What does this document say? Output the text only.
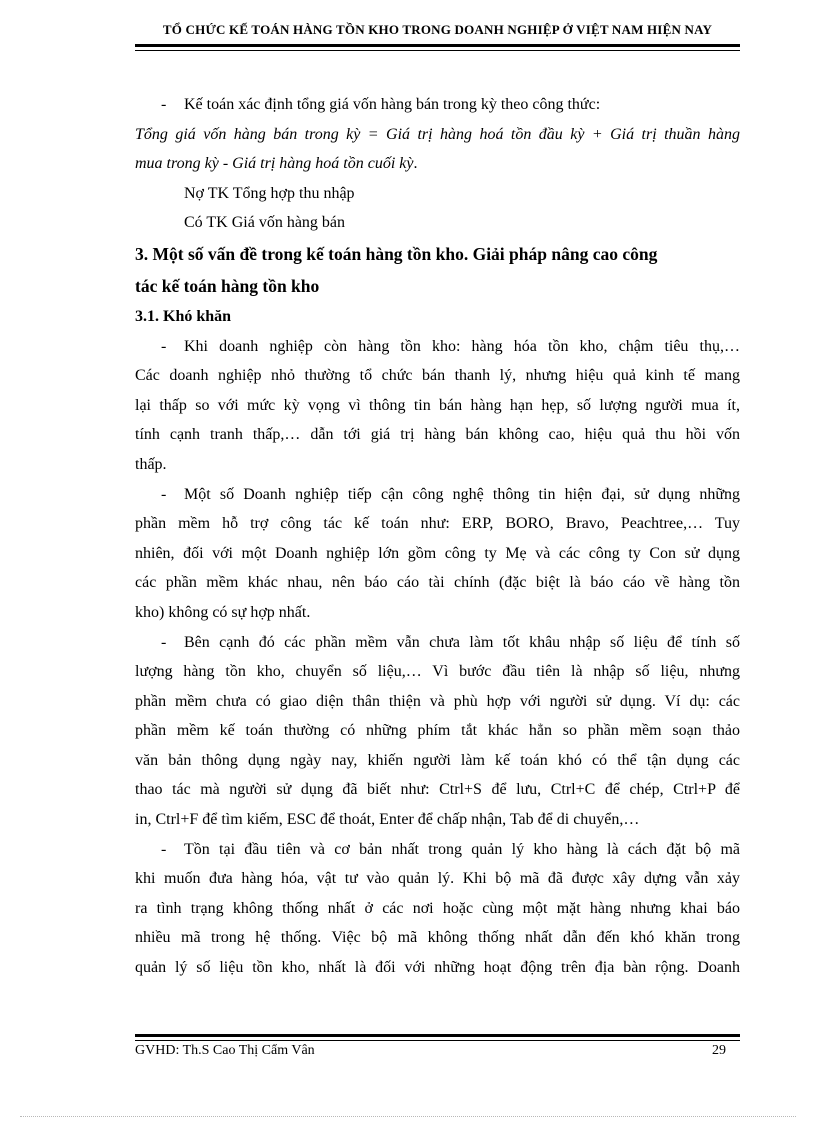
TỔ CHỨC KẾ TOÁN HÀNG TỒN KHO TRONG DOANH NGHIỆP Ở VIỆT NAM HIỆN NAY
- Kế toán xác định tổng giá vốn hàng bán trong kỳ theo công thức:
Tổng giá vốn hàng bán trong kỳ = Giá trị hàng hoá tồn đầu kỳ + Giá trị thuần hàng
mua trong kỳ - Giá trị hàng hoá tồn cuối kỳ.
Nợ TK Tổng hợp thu nhập
Có TK Giá vốn hàng bán
3. Một số vấn đề trong kế toán hàng tồn kho. Giải pháp nâng cao công
tác kế toán hàng tồn kho
3.1. Khó khăn
- Khi doanh nghiệp còn hàng tồn kho: hàng hóa tồn kho, chậm tiêu thụ,…
Các doanh nghiệp nhỏ thường tổ chức bán thanh lý, nhưng hiệu quả kinh tế mang
lại thấp so với mức kỳ vọng vì thông tin bán hàng hạn hẹp, số lượng người mua ít,
tính cạnh tranh thấp,… dẫn tới giá trị hàng bán không cao, hiệu quả thu hồi vốn
thấp.
- Một số Doanh nghiệp tiếp cận công nghệ thông tin hiện đại, sử dụng những
phần mềm hỗ trợ công tác kế toán như: ERP, BORO, Bravo, Peachtree,… Tuy
nhiên, đối với một Doanh nghiệp lớn gồm công ty Mẹ và các công ty Con sử dụng
các phần mềm khác nhau, nên báo cáo tài chính (đặc biệt là báo cáo về hàng tồn
kho) không có sự hợp nhất.
- Bên cạnh đó các phần mềm vẫn chưa làm tốt khâu nhập số liệu để tính số
lượng hàng tồn kho, chuyển số liệu,… Vì bước đầu tiên là nhập số liệu, nhưng
phần mềm chưa có giao diện thân thiện và phù hợp với người sử dụng. Ví dụ: các
phần mềm kế toán thường có những phím tắt khác hẳn so phần mềm soạn thảo
văn bản thông dụng ngày nay, khiến người làm kế toán khó có thể tận dụng các
thao tác mà người sử dụng đã biết như: Ctrl+S để lưu, Ctrl+C để chép, Ctrl+P để
in, Ctrl+F để tìm kiếm, ESC để thoát, Enter để chấp nhận, Tab để di chuyển,…
- Tồn tại đầu tiên và cơ bản nhất trong quản lý kho hàng là cách đặt bộ mã
khi muốn đưa hàng hóa, vật tư vào quản lý. Khi bộ mã đã được xây dựng vẫn xảy
ra tình trạng không thống nhất ở các nơi hoặc cùng một mặt hàng nhưng khai báo
nhiều mã trong hệ thống. Việc bộ mã không thống nhất dẫn đến khó khăn trong
quản lý số liệu tồn kho, nhất là đối với những hoạt động trên địa bàn rộng. Doanh
GVHD: Th.S Cao Thị Cẩm Vân	29
